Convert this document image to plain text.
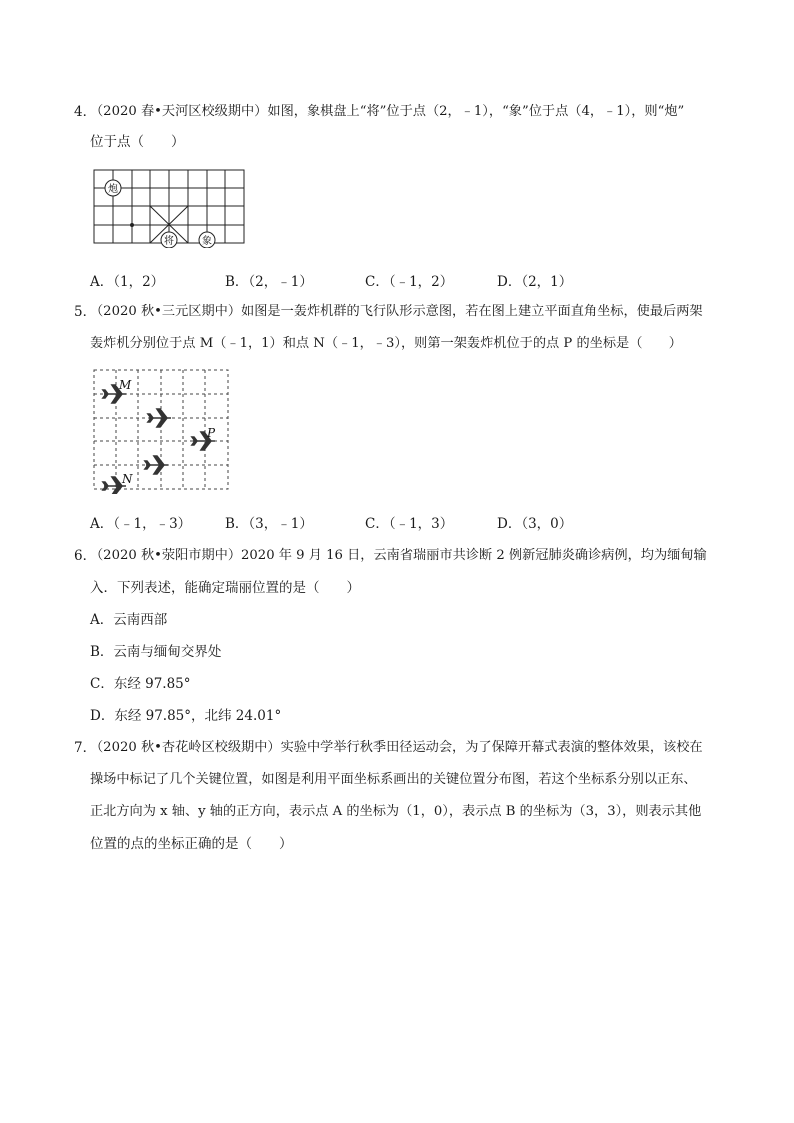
4．
（2020 春•天河区校级期中）如图，象棋盘上“将”位于点（2，﹣1），“象”位于点（4，﹣1），则“炮”
位于点（　　）
炮
将	象
A．（1，2）	B．（2，﹣1）	C．（﹣1，2）	D．（2，1）
5．
（2020 秋•三元区期中）如图是一轰炸机群的飞行队形示意图，若在图上建立平面直角坐标，使最后两架
轰炸机分别位于点 M（﹣1，1）和点 N（﹣1，﹣3），则第一架轰炸机位于的点 P 的坐标是（　　）
M
P
N
A．（﹣1，﹣3）	B．（3，﹣1）	C．（﹣1，3）	D．（3，0）
6．
（2020 秋•荥阳市期中）2020 年 9 月 16 日，云南省瑞丽市共诊断 2 例新冠肺炎确诊病例，均为缅甸输
入．下列表述，能确定瑞丽位置的是（　　）
A．云南西部
B．云南与缅甸交界处
C．东经 97.85°
D．东经 97.85°，北纬 24.01°
7．
（2020 秋•杏花岭区校级期中）实验中学举行秋季田径运动会，为了保障开幕式表演的整体效果，该校在
操场中标记了几个关键位置，如图是利用平面坐标系画出的关键位置分布图，若这个坐标系分别以正东、
正北方向为 x 轴、y 轴的正方向，表示点 A 的坐标为（1，0），表示点 B 的坐标为（3，3），则表示其他
位置的点的坐标正确的是（　　）
